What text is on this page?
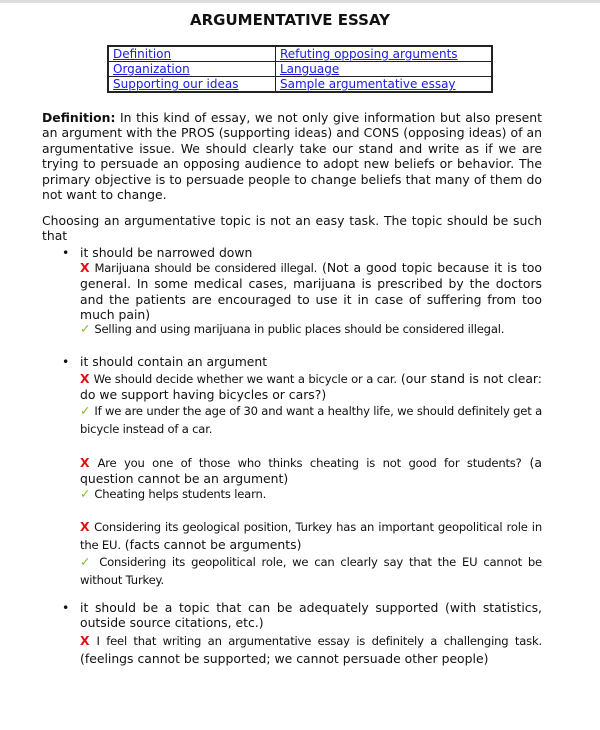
ARGUMENTATIVE ESSAY
Definition	Refuting opposing arguments
Organization	Language
Supporting our ideas	Sample argumentative essay
Definition: In this kind of essay, we not only give information but also present an argument with the PROS (supporting ideas) and CONS (opposing ideas) of an argumentative issue. We should clearly take our stand and write as if we are trying to persuade an opposing audience to adopt new beliefs or behavior. The primary objective is to persuade people to change beliefs that many of them do not want to change.
Choosing an argumentative topic is not an easy task. The topic should be such that
• it should be narrowed down
X Marijuana should be considered illegal. (Not a good topic because it is too general. In some medical cases, marijuana is prescribed by the doctors and the patients are encouraged to use it in case of suffering from too much pain)
✓ Selling and using marijuana in public places should be considered illegal.
• it should contain an argument
X We should decide whether we want a bicycle or a car. (our stand is not clear: do we support having bicycles or cars?)
✓ If we are under the age of 30 and want a healthy life, we should definitely get a bicycle instead of a car.
X Are you one of those who thinks cheating is not good for students? (a question cannot be an argument)
✓ Cheating helps students learn.
X Considering its geological position, Turkey has an important geopolitical role in the EU. (facts cannot be arguments)
✓ Considering its geopolitical role, we can clearly say that the EU cannot be without Turkey.
• it should be a topic that can be adequately supported (with statistics, outside source citations, etc.)
X I feel that writing an argumentative essay is definitely a challenging task. (feelings cannot be supported; we cannot persuade other people)
